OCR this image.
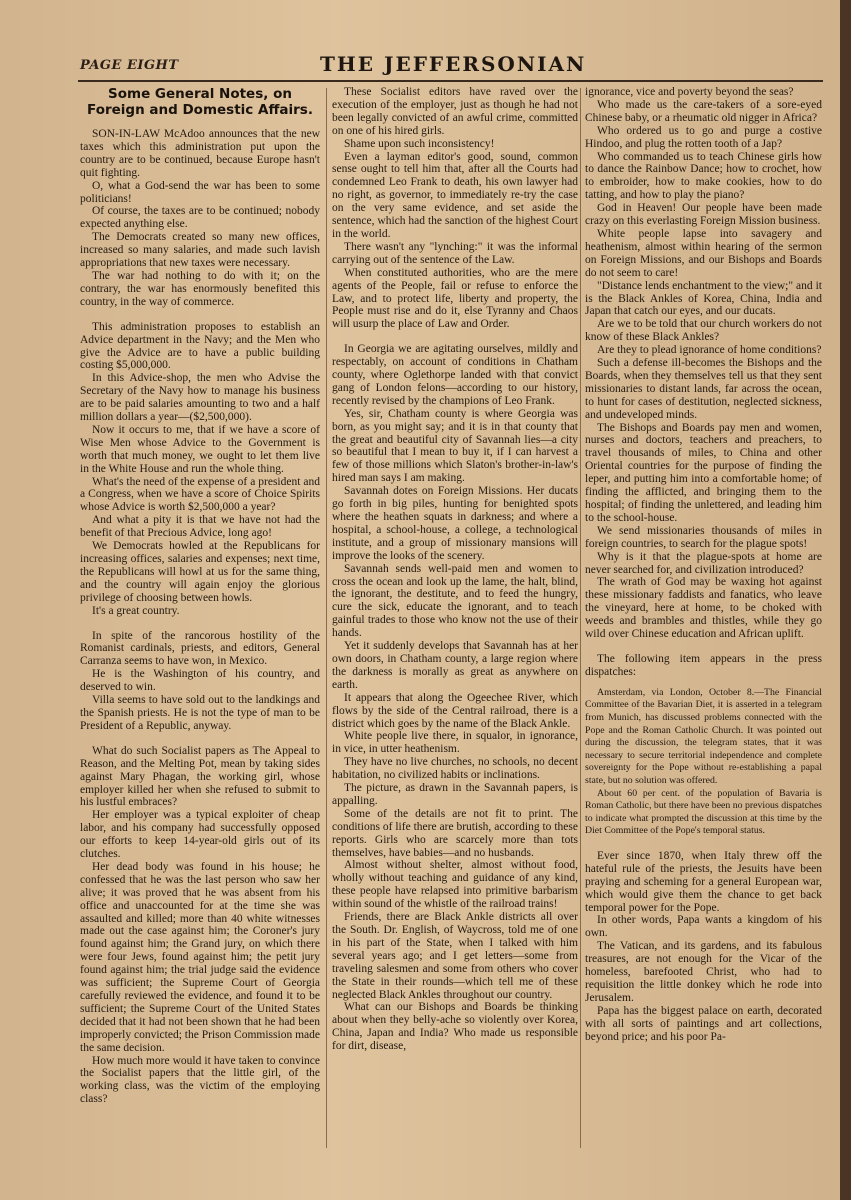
PAGE EIGHT	THE JEFFERSONIAN
Some General Notes, on Foreign and Domestic Affairs.

SON-IN-LAW McAdoo announces that the new taxes which this administration put upon the country are to be continued, because Europe hasn't quit fighting.

O, what a God-send the war has been to some politicians!

Of course, the taxes are to be continued; nobody expected anything else.

The Democrats created so many new offices, increased so many salaries, and made such lavish appropriations that new taxes were necessary.

The war had nothing to do with it; on the contrary, the war has enormously benefited this country, in the way of commerce.

This administration proposes to establish an Advice department in the Navy; and the Men who give the Advice are to have a public building costing $5,000,000.

In this Advice-shop, the men who Advise the Secretary of the Navy how to manage his business are to be paid salaries amounting to two and a half million dollars a year—($2,500,000).

Now it occurs to me, that if we have a score of Wise Men whose Advice to the Government is worth that much money, we ought to let them live in the White House and run the whole thing.

What's the need of the expense of a president and a Congress, when we have a score of Choice Spirits whose Advice is worth $2,500,000 a year?

And what a pity it is that we have not had the benefit of that Precious Advice, long ago!

We Democrats howled at the Republicans for increasing offices, salaries and expenses; next time, the Republicans will howl at us for the same thing, and the country will again enjoy the glorious privilege of choosing between howls.

It's a great country.

In spite of the rancorous hostility of the Romanist cardinals, priests, and editors, General Carranza seems to have won, in Mexico.

He is the Washington of his country, and deserved to win.

Villa seems to have sold out to the landkings and the Spanish priests. He is not the type of man to be President of a Republic, anyway.

What do such Socialist papers as The Appeal to Reason, and the Melting Pot, mean by taking sides against Mary Phagan, the working girl, whose employer killed her when she refused to submit to his lustful embraces?

Her employer was a typical exploiter of cheap labor, and his company had successfully opposed our efforts to keep 14-year-old girls out of its clutches.

Her dead body was found in his house; he confessed that he was the last person who saw her alive; it was proved that he was absent from his office and unaccounted for at the time she was assaulted and killed; more than 40 white witnesses made out the case against him; the Coroner's jury found against him; the Grand jury, on which there were four Jews, found against him; the petit jury found against him; the trial judge said the evidence was sufficient; the Supreme Court of Georgia carefully reviewed the evidence, and found it to be sufficient; the Supreme Court of the United States decided that it had not been shown that he had been improperly convicted; the Prison Commission made the same decision.

How much more would it have taken to convince the Socialist papers that the little girl, of the working class, was the victim of the employing class?

These Socialist editors have raved over the execution of the employer, just as though he had not been legally convicted of an awful crime, committed on one of his hired girls.

Shame upon such inconsistency!

Even a layman editor's good, sound, common sense ought to tell him that, after all the Courts had condemned Leo Frank to death, his own lawyer had no right, as governor, to immediately re-try the case on the very same evidence, and set aside the sentence, which had the sanction of the highest Court in the world.

There wasn't any "lynching:" it was the informal carrying out of the sentence of the Law.

When constituted authorities, who are the mere agents of the People, fail or refuse to enforce the Law, and to protect life, liberty and property, the People must rise and do it, else Tyranny and Chaos will usurp the place of Law and Order.

In Georgia we are agitating ourselves, mildly and respectably, on account of conditions in Chatham county, where Oglethorpe landed with that convict gang of London felons—according to our history, recently revised by the champions of Leo Frank.

Yes, sir, Chatham county is where Georgia was born, as you might say; and it is in that county that the great and beautiful city of Savannah lies—a city so beautiful that I mean to buy it, if I can harvest a few of those millions which Slaton's brother-in-law's hired man says I am making.

Savannah dotes on Foreign Missions. Her ducats go forth in big piles, hunting for benighted spots where the heathen squats in darkness; and where a hospital, a school-house, a college, a technological institute, and a group of missionary mansions will improve the looks of the scenery.

Savannah sends well-paid men and women to cross the ocean and look up the lame, the halt, blind, the ignorant, the destitute, and to feed the hungry, cure the sick, educate the ignorant, and to teach gainful trades to those who know not the use of their hands.

Yet it suddenly develops that Savannah has at her own doors, in Chatham county, a large region where the darkness is morally as great as anywhere on earth.

It appears that along the Ogeechee River, which flows by the side of the Central railroad, there is a district which goes by the name of the Black Ankle.

White people live there, in squalor, in ignorance, in vice, in utter heathenism.

They have no live churches, no schools, no decent habitation, no civilized habits or inclinations.

The picture, as drawn in the Savannah papers, is appalling.

Some of the details are not fit to print. The conditions of life there are brutish, according to these reports. Girls who are scarcely more than tots themselves, have babies—and no husbands.

Almost without shelter, almost without food, wholly without teaching and guidance of any kind, these people have relapsed into primitive barbarism within sound of the whistle of the railroad trains!

Friends, there are Black Ankle districts all over the South. Dr. English, of Waycross, told me of one in his part of the State, when I talked with him several years ago; and I get letters—some from traveling salesmen and some from others who cover the State in their rounds—which tell me of these neglected Black Ankles throughout our country.

What can our Bishops and Boards be thinking about when they belly-ache so violently over Korea, China, Japan and India? Who made us responsible for dirt, disease,

ignorance, vice and poverty beyond the seas?

Who made us the care-takers of a sore-eyed Chinese baby, or a rheumatic old nigger in Africa?

Who ordered us to go and purge a costive Hindoo, and plug the rotten tooth of a Jap?

Who commanded us to teach Chinese girls how to dance the Rainbow Dance; how to crochet, how to embroider, how to make cookies, how to do tatting, and how to play the piano?

God in Heaven! Our people have been made crazy on this everlasting Foreign Mission business.

White people lapse into savagery and heathenism, almost within hearing of the sermon on Foreign Missions, and our Bishops and Boards do not seem to care!

"Distance lends enchantment to the view;" and it is the Black Ankles of Korea, China, India and Japan that catch our eyes, and our ducats.

Are we to be told that our church workers do not know of these Black Ankles?

Are they to plead ignorance of home conditions?

Such a defense ill-becomes the Bishops and the Boards, when they themselves tell us that they sent missionaries to distant lands, far across the ocean, to hunt for cases of destitution, neglected sickness, and undeveloped minds.

The Bishops and Boards pay men and women, nurses and doctors, teachers and preachers, to travel thousands of miles, to China and other Oriental countries for the purpose of finding the leper, and putting him into a comfortable home; of finding the afflicted, and bringing them to the hospital; of finding the unlettered, and leading him to the school-house.

We send missionaries thousands of miles in foreign countries, to search for the plague spots!

Why is it that the plague-spots at home are never searched for, and civilization introduced?

The wrath of God may be waxing hot against these missionary faddists and fanatics, who leave the vineyard, here at home, to be choked with weeds and brambles and thistles, while they go wild over Chinese education and African uplift.

The following item appears in the press dispatches:

Amsterdam, via London, October 8.—The Financial Committee of the Bavarian Diet, it is asserted in a telegram from Munich, has discussed problems connected with the Pope and the Roman Catholic Church. It was pointed out during the discussion, the telegram states, that it was necessary to secure territorial independence and complete sovereignty for the Pope without re-establishing a papal state, but no solution was offered.

About 60 per cent. of the population of Bavaria is Roman Catholic, but there have been no previous dispatches to indicate what prompted the discussion at this time by the Diet Committee of the Pope's temporal status.

Ever since 1870, when Italy threw off the hateful rule of the priests, the Jesuits have been praying and scheming for a general European war, which would give them the chance to get back temporal power for the Pope.

In other words, Papa wants a kingdom of his own.

The Vatican, and its gardens, and its fabulous treasures, are not enough for the Vicar of the homeless, barefooted Christ, who had to requisition the little donkey which he rode into Jerusalem.

Papa has the biggest palace on earth, decorated with all sorts of paintings and art collections, beyond price; and his poor Pa-
